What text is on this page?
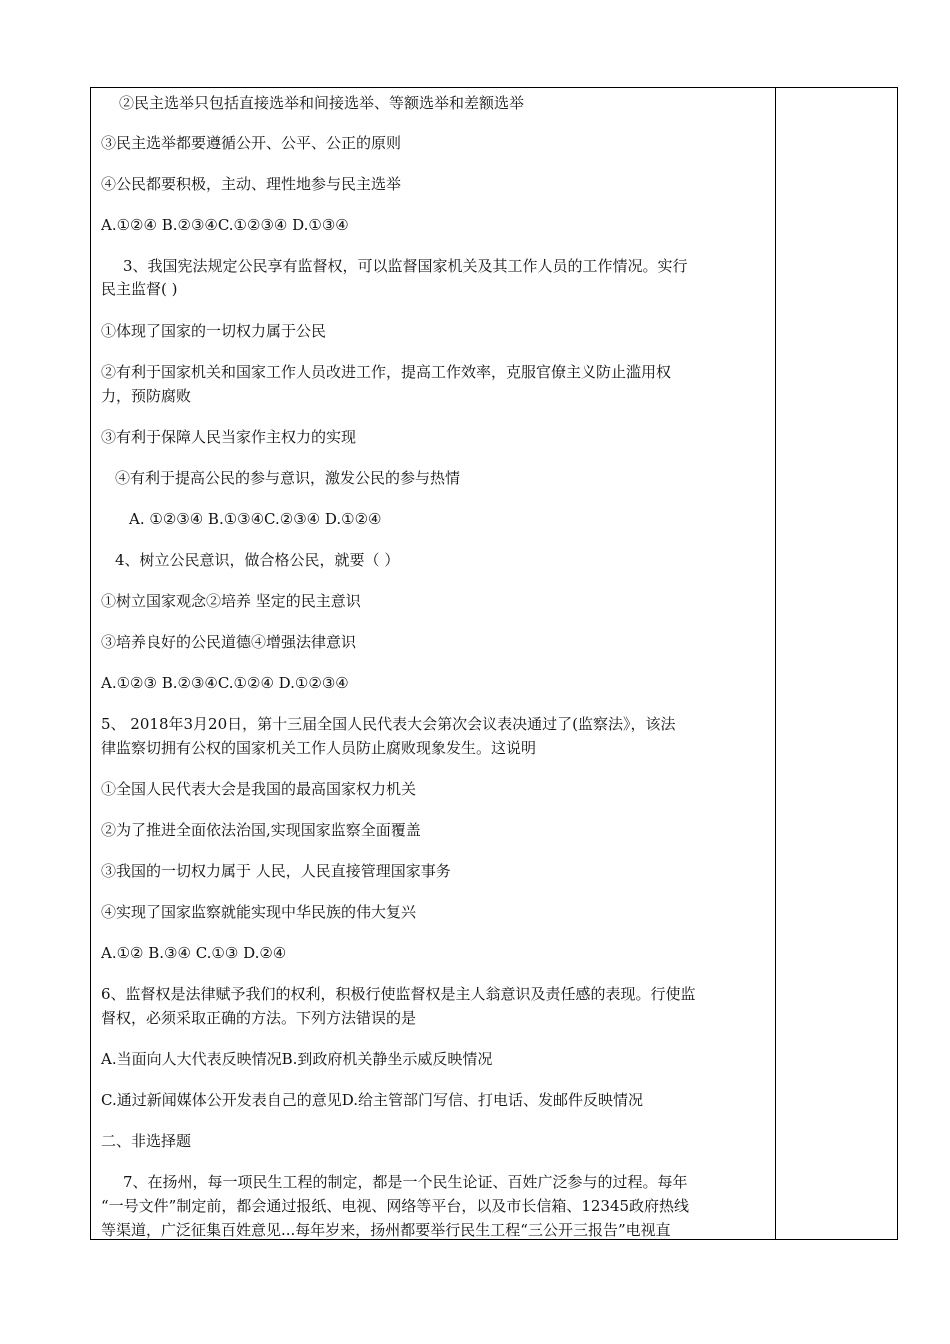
②民主选举只包括直接选举和间接选举、等额选举和差额选举
③民主选举都要遵循公开、公平、公正的原则
④公民都要积极，主动、理性地参与民主选举
A.①②④ B.②③④C.①②③④ D.①③④
3、我国宪法规定公民享有监督权，可以监督国家机关及其工作人员的工作情况。实行
民主监督( )
①体现了国家的一切权力属于公民
②有利于国家机关和国家工作人员改进工作，提高工作效率，克服官僚主义防止滥用权
力，预防腐败
③有利于保障人民当家作主权力的实现
④有利于提高公民的参与意识，激发公民的参与热情
A. ①②③④ B.①③④C.②③④ D.①②④
4、树立公民意识，做合格公民，就要（ ）
①树立国家观念②培养 坚定的民主意识
③培养良好的公民道德④增强法律意识
A.①②③ B.②③④C.①②④ D.①②③④
5、 2018年3月20日，第十三届全国人民代表大会第次会议表决通过了(监察法》，该法
律监察切拥有公权的国家机关工作人员防止腐败现象发生。这说明
①全国人民代表大会是我国的最高国家权力机关
②为了推进全面依法治国,实现国家监察全面覆盖
③我国的一切权力属于 人民，人民直接管理国家事务
④实现了国家监察就能实现中华民族的伟大复兴
A.①② B.③④ C.①③ D.②④
6、监督权是法律赋予我们的权利，积极行使监督权是主人翁意识及责任感的表现。行使监
督权，必须采取正确的方法。下列方法错误的是
A.当面向人大代表反映情况B.到政府机关静坐示威反映情况
C.通过新闻媒体公开发表自己的意见D.给主管部门写信、打电话、发邮件反映情况
二、非选择题
7、在扬州，每一项民生工程的制定，都是一个民生论证、百姓广泛参与的过程。每年
“一号文件”制定前，都会通过报纸、电视、网络等平台，以及市长信箱、12345政府热线
等渠道，广泛征集百姓意见...每年岁来，扬州都要举行民生工程“三公开三报告”电视直
